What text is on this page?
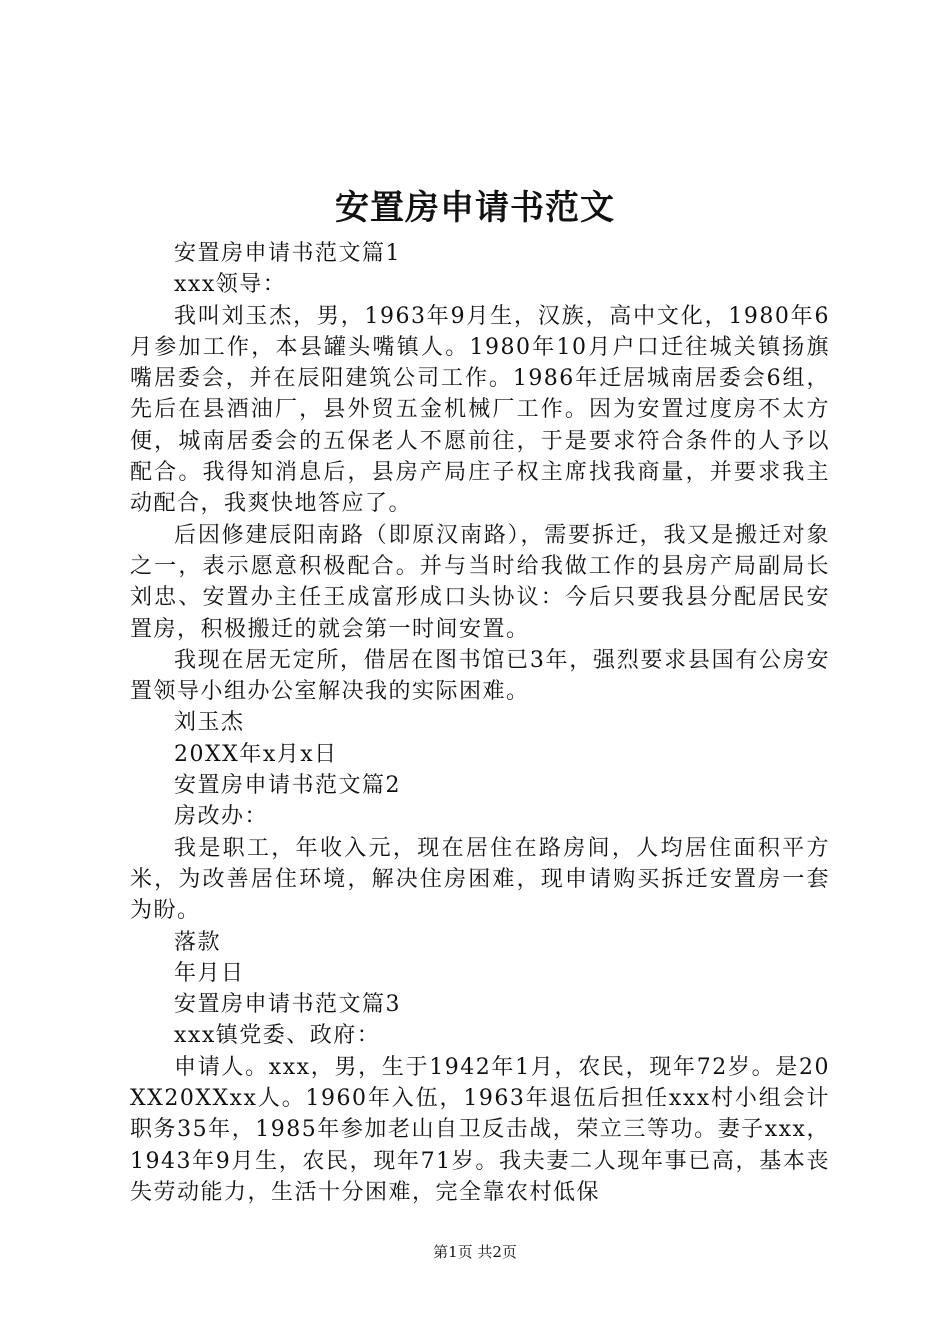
安置房申请书范文

安置房申请书范文篇1

xxx领导：

我叫刘玉杰，男，1963年9月生，汉族，高中文化，1980年6月参加工作，本县罐头嘴镇人。1980年10月户口迁往城关镇扬旗嘴居委会，并在辰阳建筑公司工作。1986年迁居城南居委会6组，先后在县酒油厂，县外贸五金机械厂工作。因为安置过度房不太方便，城南居委会的五保老人不愿前往，于是要求符合条件的人予以配合。我得知消息后，县房产局庄子权主席找我商量，并要求我主动配合，我爽快地答应了。

后因修建辰阳南路（即原汉南路），需要拆迁，我又是搬迁对象之一，表示愿意积极配合。并与当时给我做工作的县房产局副局长刘忠、安置办主任王成富形成口头协议：今后只要我县分配居民安置房，积极搬迁的就会第一时间安置。

我现在居无定所，借居在图书馆已3年，强烈要求县国有公房安置领导小组办公室解决我的实际困难。

刘玉杰

20XX年x月x日

安置房申请书范文篇2

房改办：

我是职工，年收入元，现在居住在路房间，人均居住面积平方米，为改善居住环境，解决住房困难，现申请购买拆迁安置房一套为盼。

落款

年月日

安置房申请书范文篇3

xxx镇党委、政府：

申请人。xxx，男，生于1942年1月，农民，现年72岁。是20XX20XXxx人。1960年入伍，1963年退伍后担任xxx村小组会计职务35年，1985年参加老山自卫反击战，荣立三等功。妻子xxx，1943年9月生，农民，现年71岁。我夫妻二人现年事已高，基本丧失劳动能力，生活十分困难，完全靠农村低保

第1页 共2页
